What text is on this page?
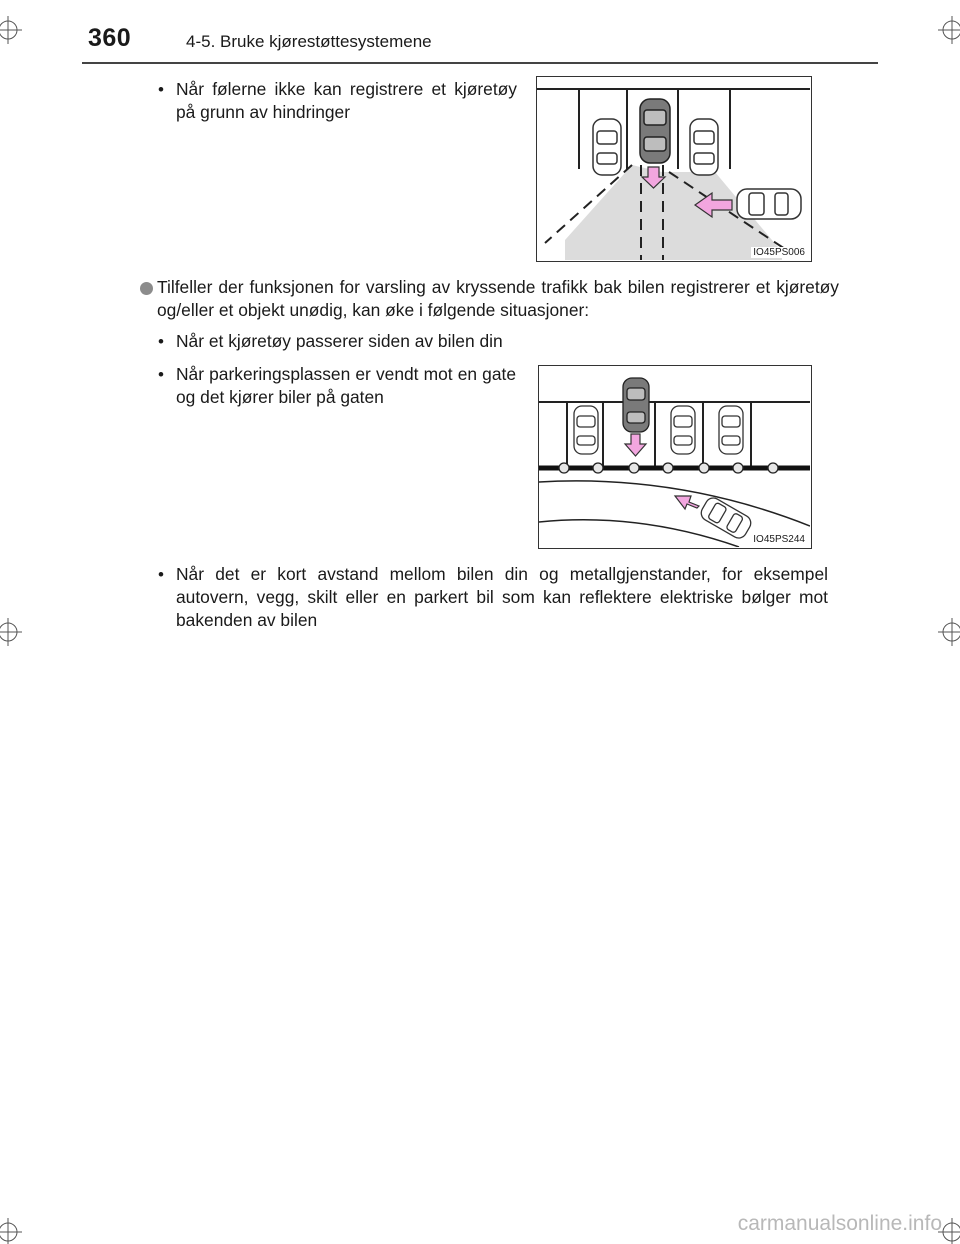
360	4-5. Bruke kjørestøttesystemene
• Når følerne ikke kan registrere et kjøretøy på grunn av hindringer
IO45PS006
Tilfeller der funksjonen for varsling av kryssende trafikk bak bilen registrerer et kjøretøy og/eller et objekt unødig, kan øke i følgende situasjoner:
• Når et kjøretøy passerer siden av bilen din
• Når parkeringsplassen er vendt mot en gate og det kjører biler på gaten
IO45PS244
• Når det er kort avstand mellom bilen din og metallgjenstander, for eksempel autovern, vegg, skilt eller en parkert bil som kan reflektere elektriske bølger mot bakenden av bilen
carmanualsonline.info
